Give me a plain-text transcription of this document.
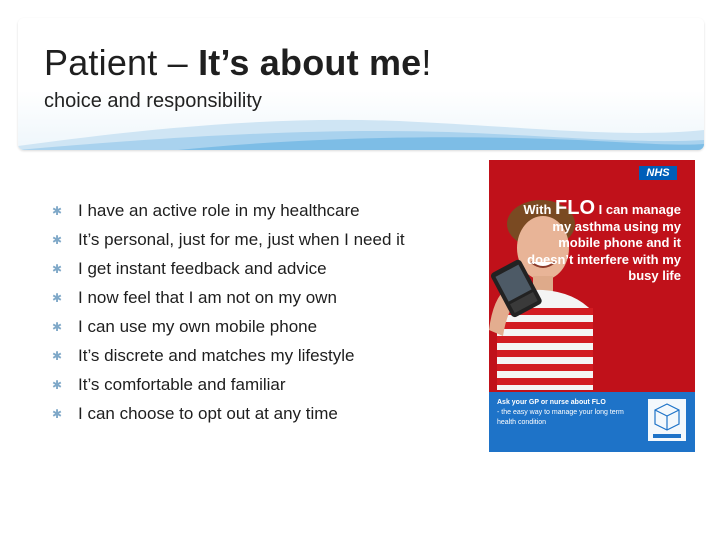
Patient – It’s about me!
choice and responsibility
✱ I have an active role in my healthcare
✱ It’s personal, just for me, just when I need it
✱ I get instant feedback and advice
✱ I now feel that I am not on my own
✱ I can use my own mobile phone
✱ It’s discrete and matches my lifestyle
✱ It’s comfortable and familiar
✱ I can choose to opt out at any time
NHS
With FLO I can manage my asthma using my mobile phone and it doesn’t interfere with my busy life
Ask your GP or nurse about FLO
- the easy way to manage your long term health condition
